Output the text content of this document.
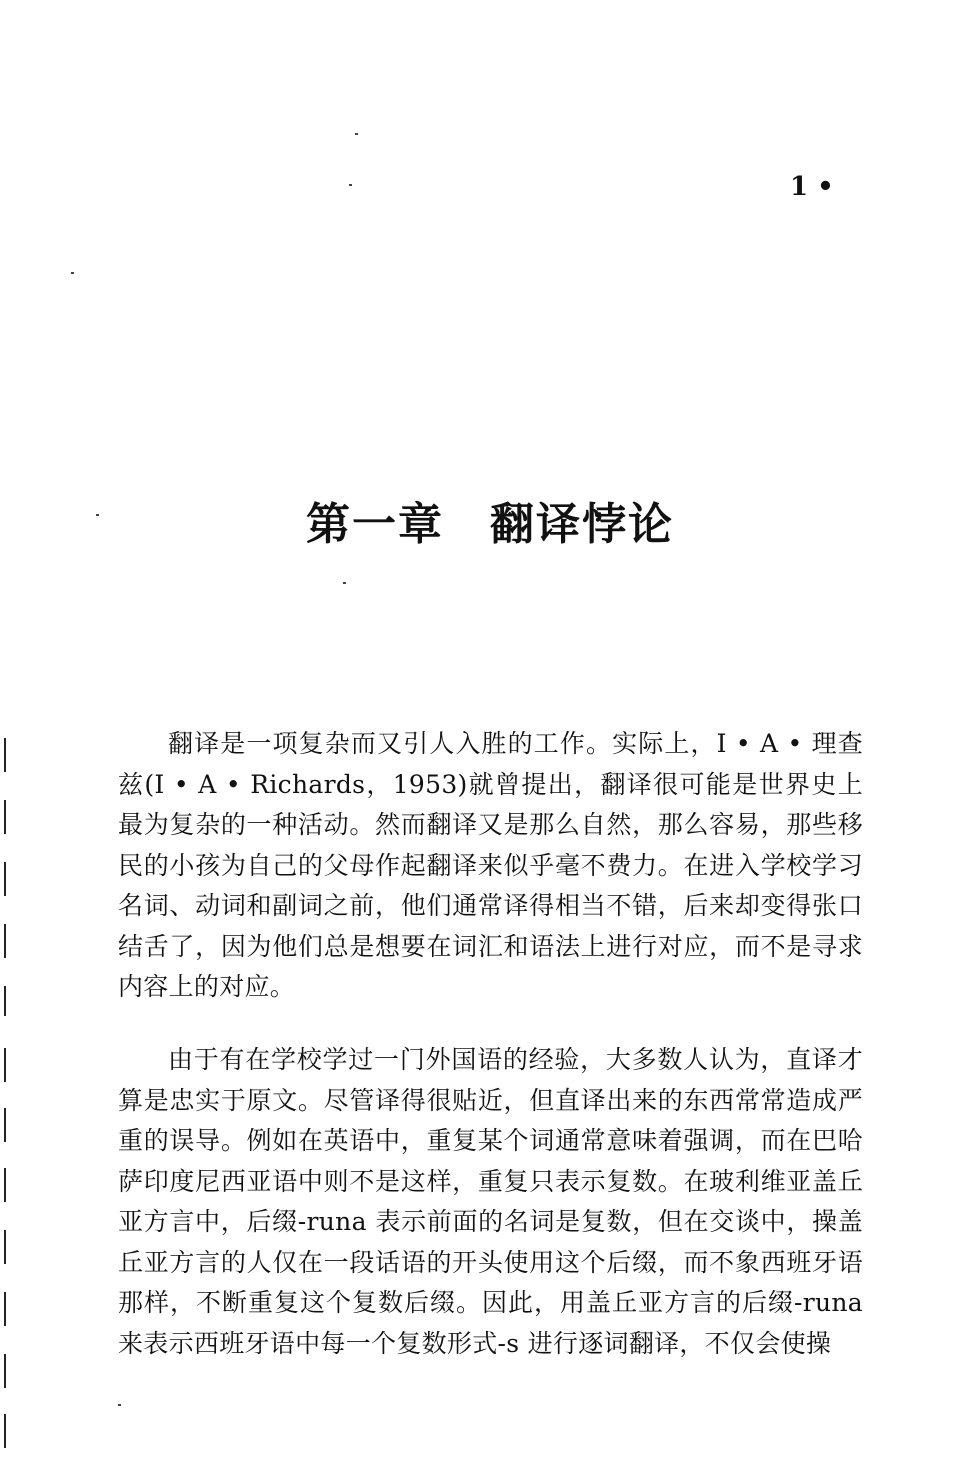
1 •
第一章　翻译悖论

翻译是一项复杂而又引人入胜的工作。实际上，I • A • 理查兹(I • A • Richards，1953)就曾提出，翻译很可能是世界史上最为复杂的一种活动。然而翻译又是那么自然，那么容易，那些移民的小孩为自己的父母作起翻译来似乎毫不费力。在进入学校学习名词、动词和副词之前，他们通常译得相当不错，后来却变得张口结舌了，因为他们总是想要在词汇和语法上进行对应，而不是寻求内容上的对应。

由于有在学校学过一门外国语的经验，大多数人认为，直译才算是忠实于原文。尽管译得很贴近，但直译出来的东西常常造成严重的误导。例如在英语中，重复某个词通常意味着强调，而在巴哈萨印度尼西亚语中则不是这样，重复只表示复数。在玻利维亚盖丘亚方言中，后缀-runa 表示前面的名词是复数，但在交谈中，操盖丘亚方言的人仅在一段话语的开头使用这个后缀，而不象西班牙语那样，不断重复这个复数后缀。因此，用盖丘亚方言的后缀-runa 来表示西班牙语中每一个复数形式-s 进行逐词翻译，不仅会使操
